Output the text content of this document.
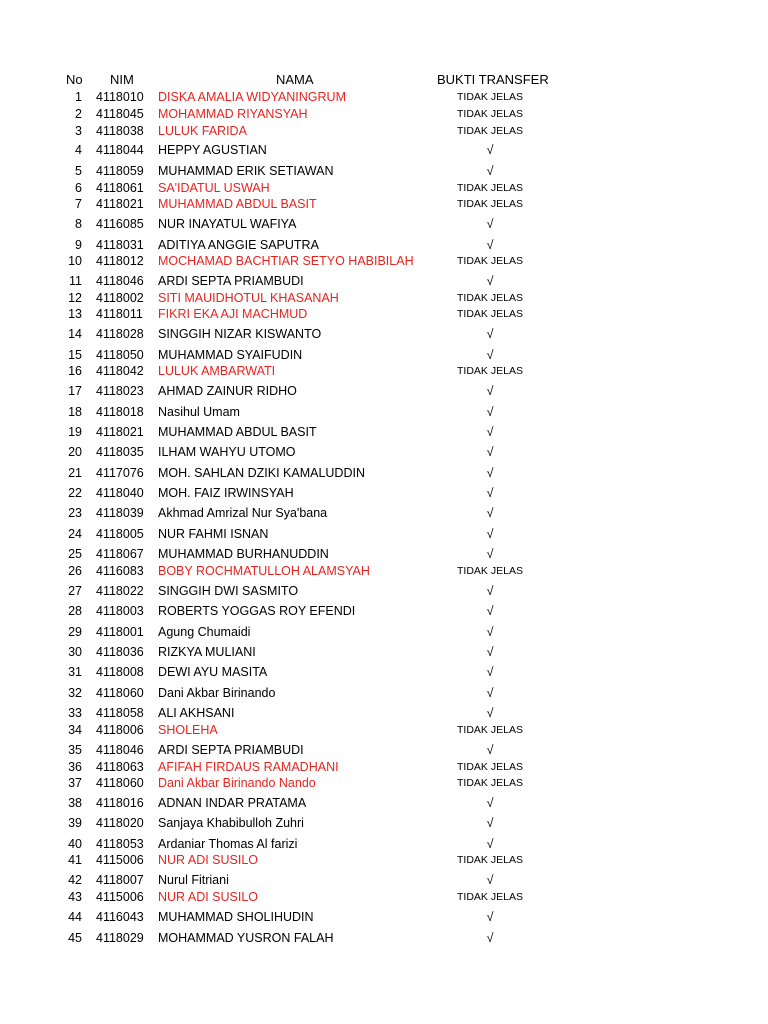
No NIM	NAMA	BUKTI TRANSFER
1 4118010 DISKA AMALIA WIDYANINGRUM	TIDAK JELAS
2 4118045 MOHAMMAD RIYANSYAH	TIDAK JELAS
3 4118038 LULUK FARIDA	TIDAK JELAS
4 4118044 HEPPY AGUSTIAN	√
5 4118059 MUHAMMAD ERIK SETIAWAN	√
6 4118061 SA'IDATUL USWAH	TIDAK JELAS
7 4118021 MUHAMMAD ABDUL BASIT	TIDAK JELAS
8 4116085 NUR INAYATUL WAFIYA	√
9 4118031 ADITIYA ANGGIE SAPUTRA	√
10 4118012 MOCHAMAD BACHTIAR SETYO HABIBILAH	TIDAK JELAS
11 4118046 ARDI SEPTA PRIAMBUDI	√
12 4118002 SITI MAUIDHOTUL KHASANAH	TIDAK JELAS
13 4118011 FIKRI EKA AJI MACHMUD	TIDAK JELAS
14 4118028 SINGGIH NIZAR KISWANTO	√
15 4118050 MUHAMMAD SYAIFUDIN	√
16 4118042 LULUK AMBARWATI	TIDAK JELAS
17 4118023 AHMAD ZAINUR RIDHO	√
18 4118018 Nasihul Umam	√
19 4118021 MUHAMMAD ABDUL BASIT	√
20 4118035 ILHAM WAHYU UTOMO	√
21 4117076 MOH. SAHLAN DZIKI KAMALUDDIN	√
22 4118040 MOH. FAIZ IRWINSYAH	√
23 4118039 Akhmad Amrizal Nur Sya'bana	√
24 4118005 NUR FAHMI ISNAN	√
25 4118067 MUHAMMAD BURHANUDDIN	√
26 4116083 BOBY ROCHMATULLOH ALAMSYAH	TIDAK JELAS
27 4118022 SINGGIH DWI SASMITO	√
28 4118003 ROBERTS YOGGAS ROY EFENDI	√
29 4118001 Agung Chumaidi	√
30 4118036 RIZKYA MULIANI	√
31 4118008 DEWI AYU MASITA	√
32 4118060 Dani Akbar Birinando	√
33 4118058 ALI AKHSANI	√
34 4118006 SHOLEHA	TIDAK JELAS
35 4118046 ARDI SEPTA PRIAMBUDI	√
36 4118063 AFIFAH FIRDAUS RAMADHANI	TIDAK JELAS
37 4118060 Dani Akbar Birinando Nando	TIDAK JELAS
38 4118016 ADNAN INDAR PRATAMA	√
39 4118020 Sanjaya Khabibulloh Zuhri	√
40 4118053 Ardaniar Thomas Al farizi	√
41 4115006 NUR ADI SUSILO	TIDAK JELAS
42 4118007 Nurul Fitriani	√
43 4115006 NUR ADI SUSILO	TIDAK JELAS
44 4116043 MUHAMMAD SHOLIHUDIN	√
45 4118029 MOHAMMAD YUSRON FALAH	√
